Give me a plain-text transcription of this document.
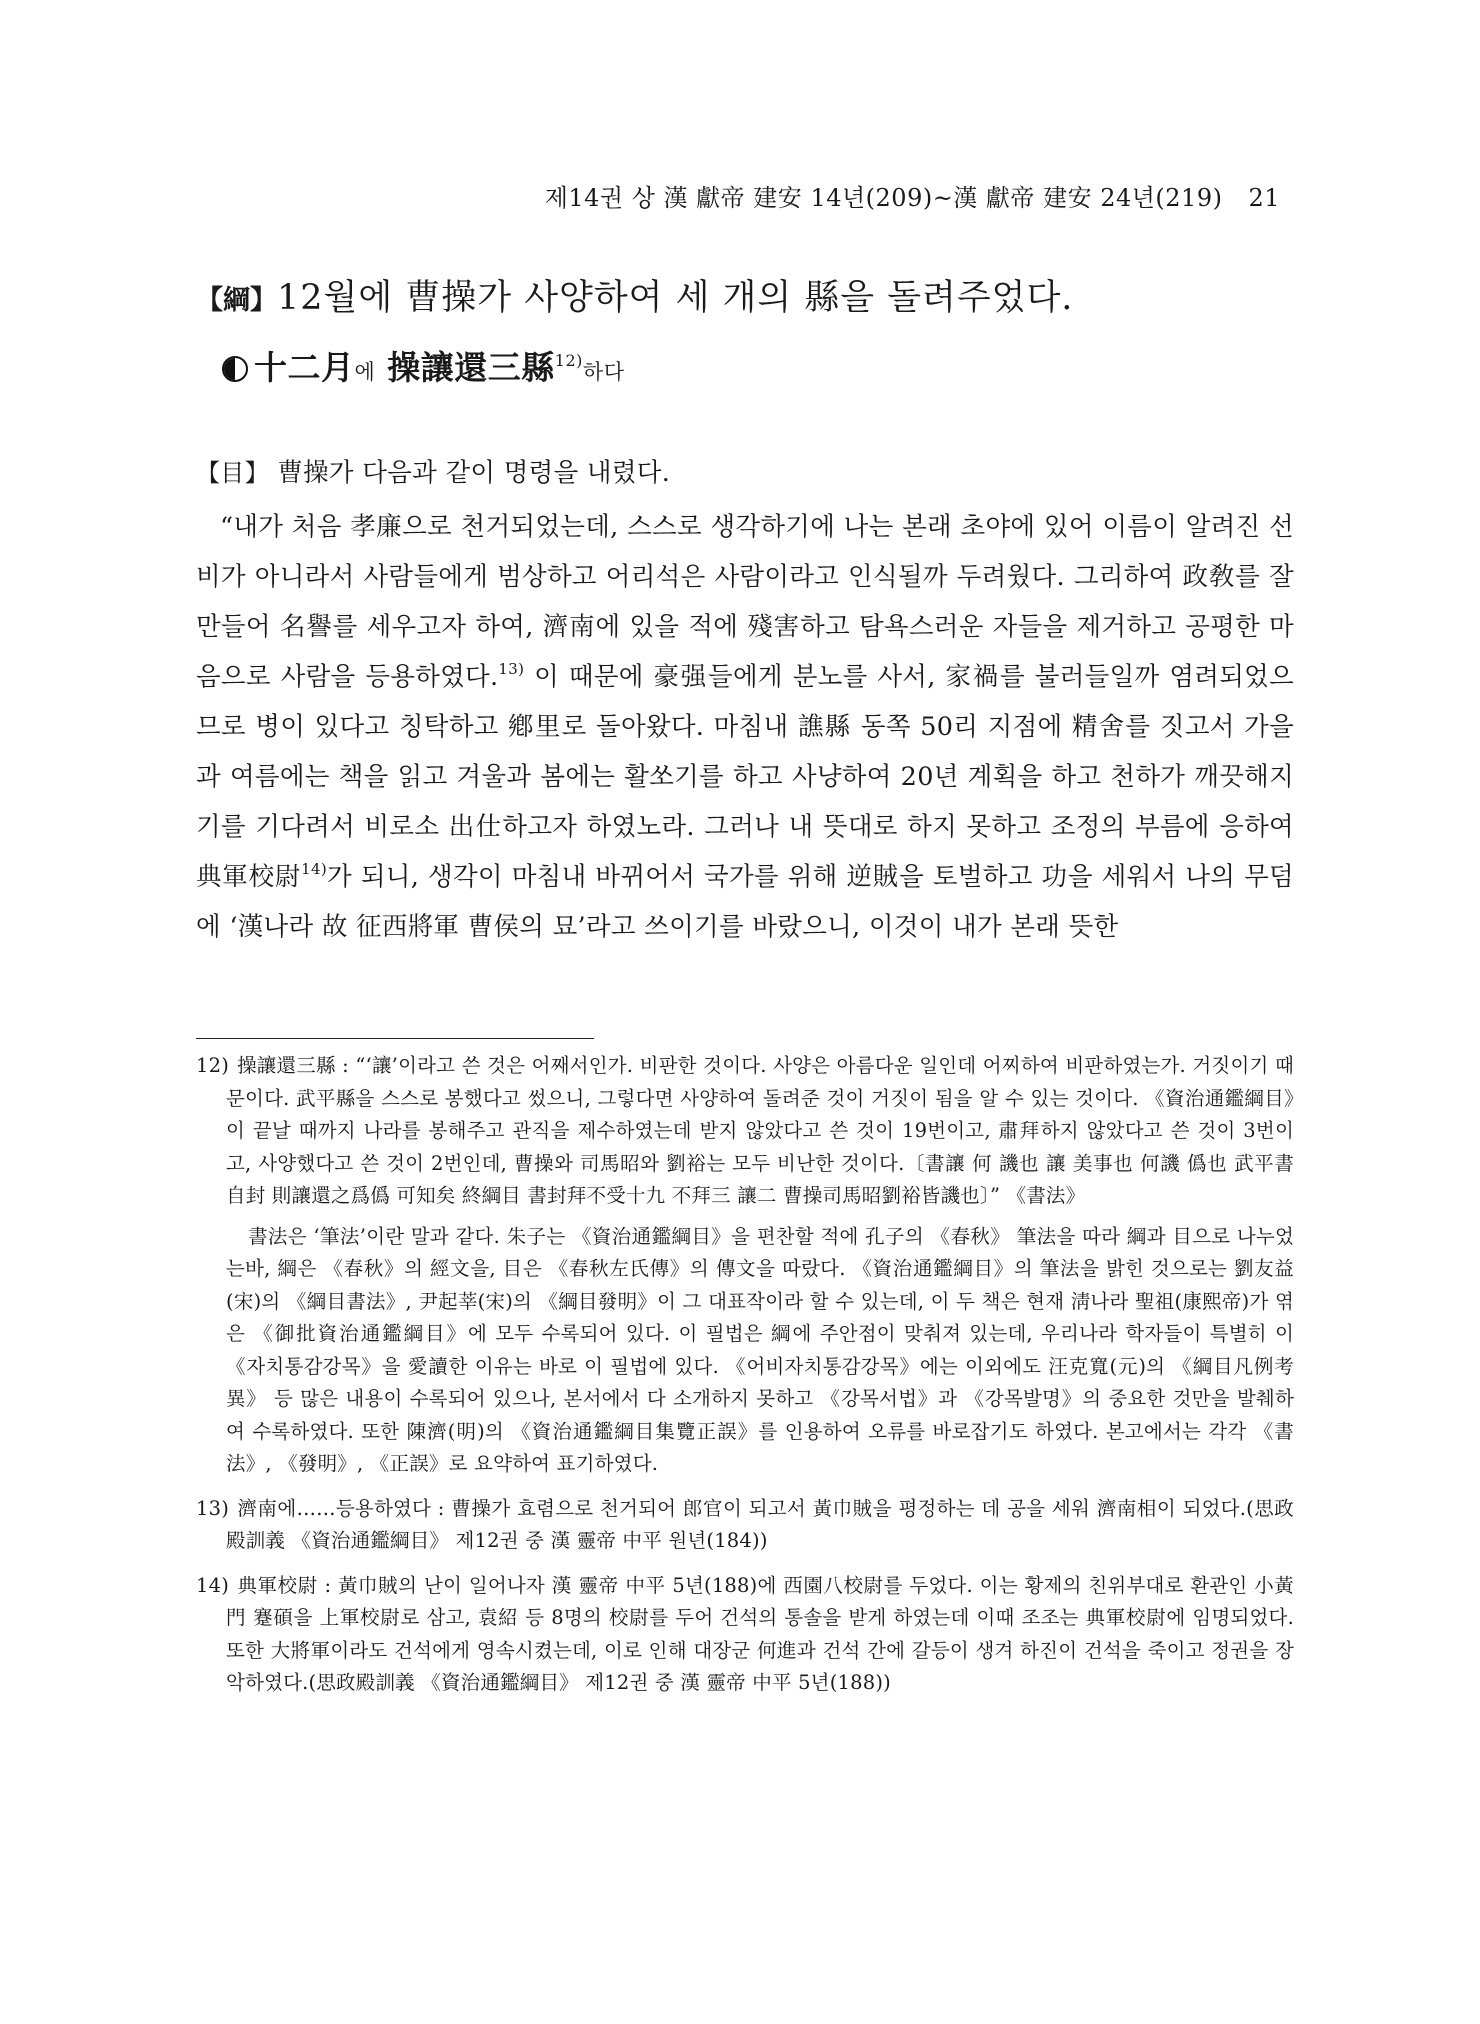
제14권 상 漢 獻帝 建安 14년(209)~漢 獻帝 建安 24년(219) 21
【綱】12월에 曹操가 사양하여 세 개의 縣을 돌려주었다.
十二月에 操讓還三縣$^{12)}$하다

【目】 曹操가 다음과 같이 명령을 내렸다.

“내가 처음 孝廉으로 천거되었는데, 스스로 생각하기에 나는 본래 초야에 있어 이름이 알려진 선비가 아니라서 사람들에게 범상하고 어리석은 사람이라고 인식될까 두려웠다. 그리하여 政敎를 잘 만들어 名譽를 세우고자 하여, 濟南에 있을 적에 殘害하고 탐욕스러운 자들을 제거하고 공평한 마음으로 사람을 등용하였다.$^{13)}$ 이 때문에 豪强들에게 분노를 사서, 家禍를 불러들일까 염려되었으므로 병이 있다고 칭탁하고 鄕里로 돌아왔다. 마침내 譙縣 동쪽 50리 지점에 精舍를 짓고서 가을과 여름에는 책을 읽고 겨울과 봄에는 활쏘기를 하고 사냥하여 20년 계획을 하고 천하가 깨끗해지기를 기다려서 비로소 出仕하고자 하였노라. 그러나 내 뜻대로 하지 못하고 조정의 부름에 응하여 典軍校尉$^{14)}$가 되니, 생각이 마침내 바뀌어서 국가를 위해 逆賊을 토벌하고 功을 세워서 나의 무덤에 ‘漢나라 故 征西將軍 曹侯의 묘’라고 쓰이기를 바랐으니, 이것이 내가 본래 뜻한

12) 操讓還三縣 : “‘讓’이라고 쓴 것은 어째서인가. 비판한 것이다. 사양은 아름다운 일인데 어찌하여 비판하였는가. 거짓이기 때문이다. 武平縣을 스스로 봉했다고 썼으니, 그렇다면 사양하여 돌려준 것이 거짓이 됨을 알 수 있는 것이다. 《資治通鑑綱目》이 끝날 때까지 나라를 봉해주고 관직을 제수하였는데 받지 않았다고 쓴 것이 19번이고, 肅拜하지 않았다고 쓴 것이 3번이고, 사양했다고 쓴 것이 2번인데, 曹操와 司馬昭와 劉裕는 모두 비난한 것이다.〔書讓 何 譏也 讓 美事也 何譏 僞也 武平書自封 則讓還之爲僞 可知矣 終綱目 書封拜不受十九 不拜三 讓二 曹操司馬昭劉裕皆譏也〕” 《書法》

書法은 ‘筆法’이란 말과 같다. 朱子는 《資治通鑑綱目》을 편찬할 적에 孔子의 《春秋》 筆法을 따라 綱과 目으로 나누었는바, 綱은 《春秋》의 經文을, 目은 《春秋左氏傳》의 傳文을 따랐다. 《資治通鑑綱目》의 筆法을 밝힌 것으로는 劉友益(宋)의 《綱目書法》, 尹起莘(宋)의 《綱目發明》이 그 대표작이라 할 수 있는데, 이 두 책은 현재 淸나라 聖祖(康熙帝)가 엮은 《御批資治通鑑綱目》에 모두 수록되어 있다. 이 필법은 綱에 주안점이 맞춰져 있는데, 우리나라 학자들이 특별히 이 《자치통감강목》을 愛讀한 이유는 바로 이 필법에 있다. 《어비자치통감강목》에는 이외에도 汪克寬(元)의 《綱目凡例考異》 등 많은 내용이 수록되어 있으나, 본서에서 다 소개하지 못하고 《강목서법》과 《강목발명》의 중요한 것만을 발췌하여 수록하였다. 또한 陳濟(明)의 《資治通鑑綱目集覽正誤》를 인용하여 오류를 바로잡기도 하였다. 본고에서는 각각 《書法》, 《發明》, 《正誤》로 요약하여 표기하였다.

13) 濟南에……등용하였다 : 曹操가 효렴으로 천거되어 郎官이 되고서 黃巾賊을 평정하는 데 공을 세워 濟南相이 되었다.(思政殿訓義 《資治通鑑綱目》 제12권 중 漢 靈帝 中平 원년(184))

14) 典軍校尉 : 黃巾賊의 난이 일어나자 漢 靈帝 中平 5년(188)에 西園八校尉를 두었다. 이는 황제의 친위부대로 환관인 小黃門 蹇碩을 上軍校尉로 삼고, 袁紹 등 8명의 校尉를 두어 건석의 통솔을 받게 하였는데 이때 조조는 典軍校尉에 임명되었다. 또한 大將軍이라도 건석에게 영속시켰는데, 이로 인해 대장군 何進과 건석 간에 갈등이 생겨 하진이 건석을 죽이고 정권을 장악하였다.(思政殿訓義 《資治通鑑綱目》 제12권 중 漢 靈帝 中平 5년(188))
